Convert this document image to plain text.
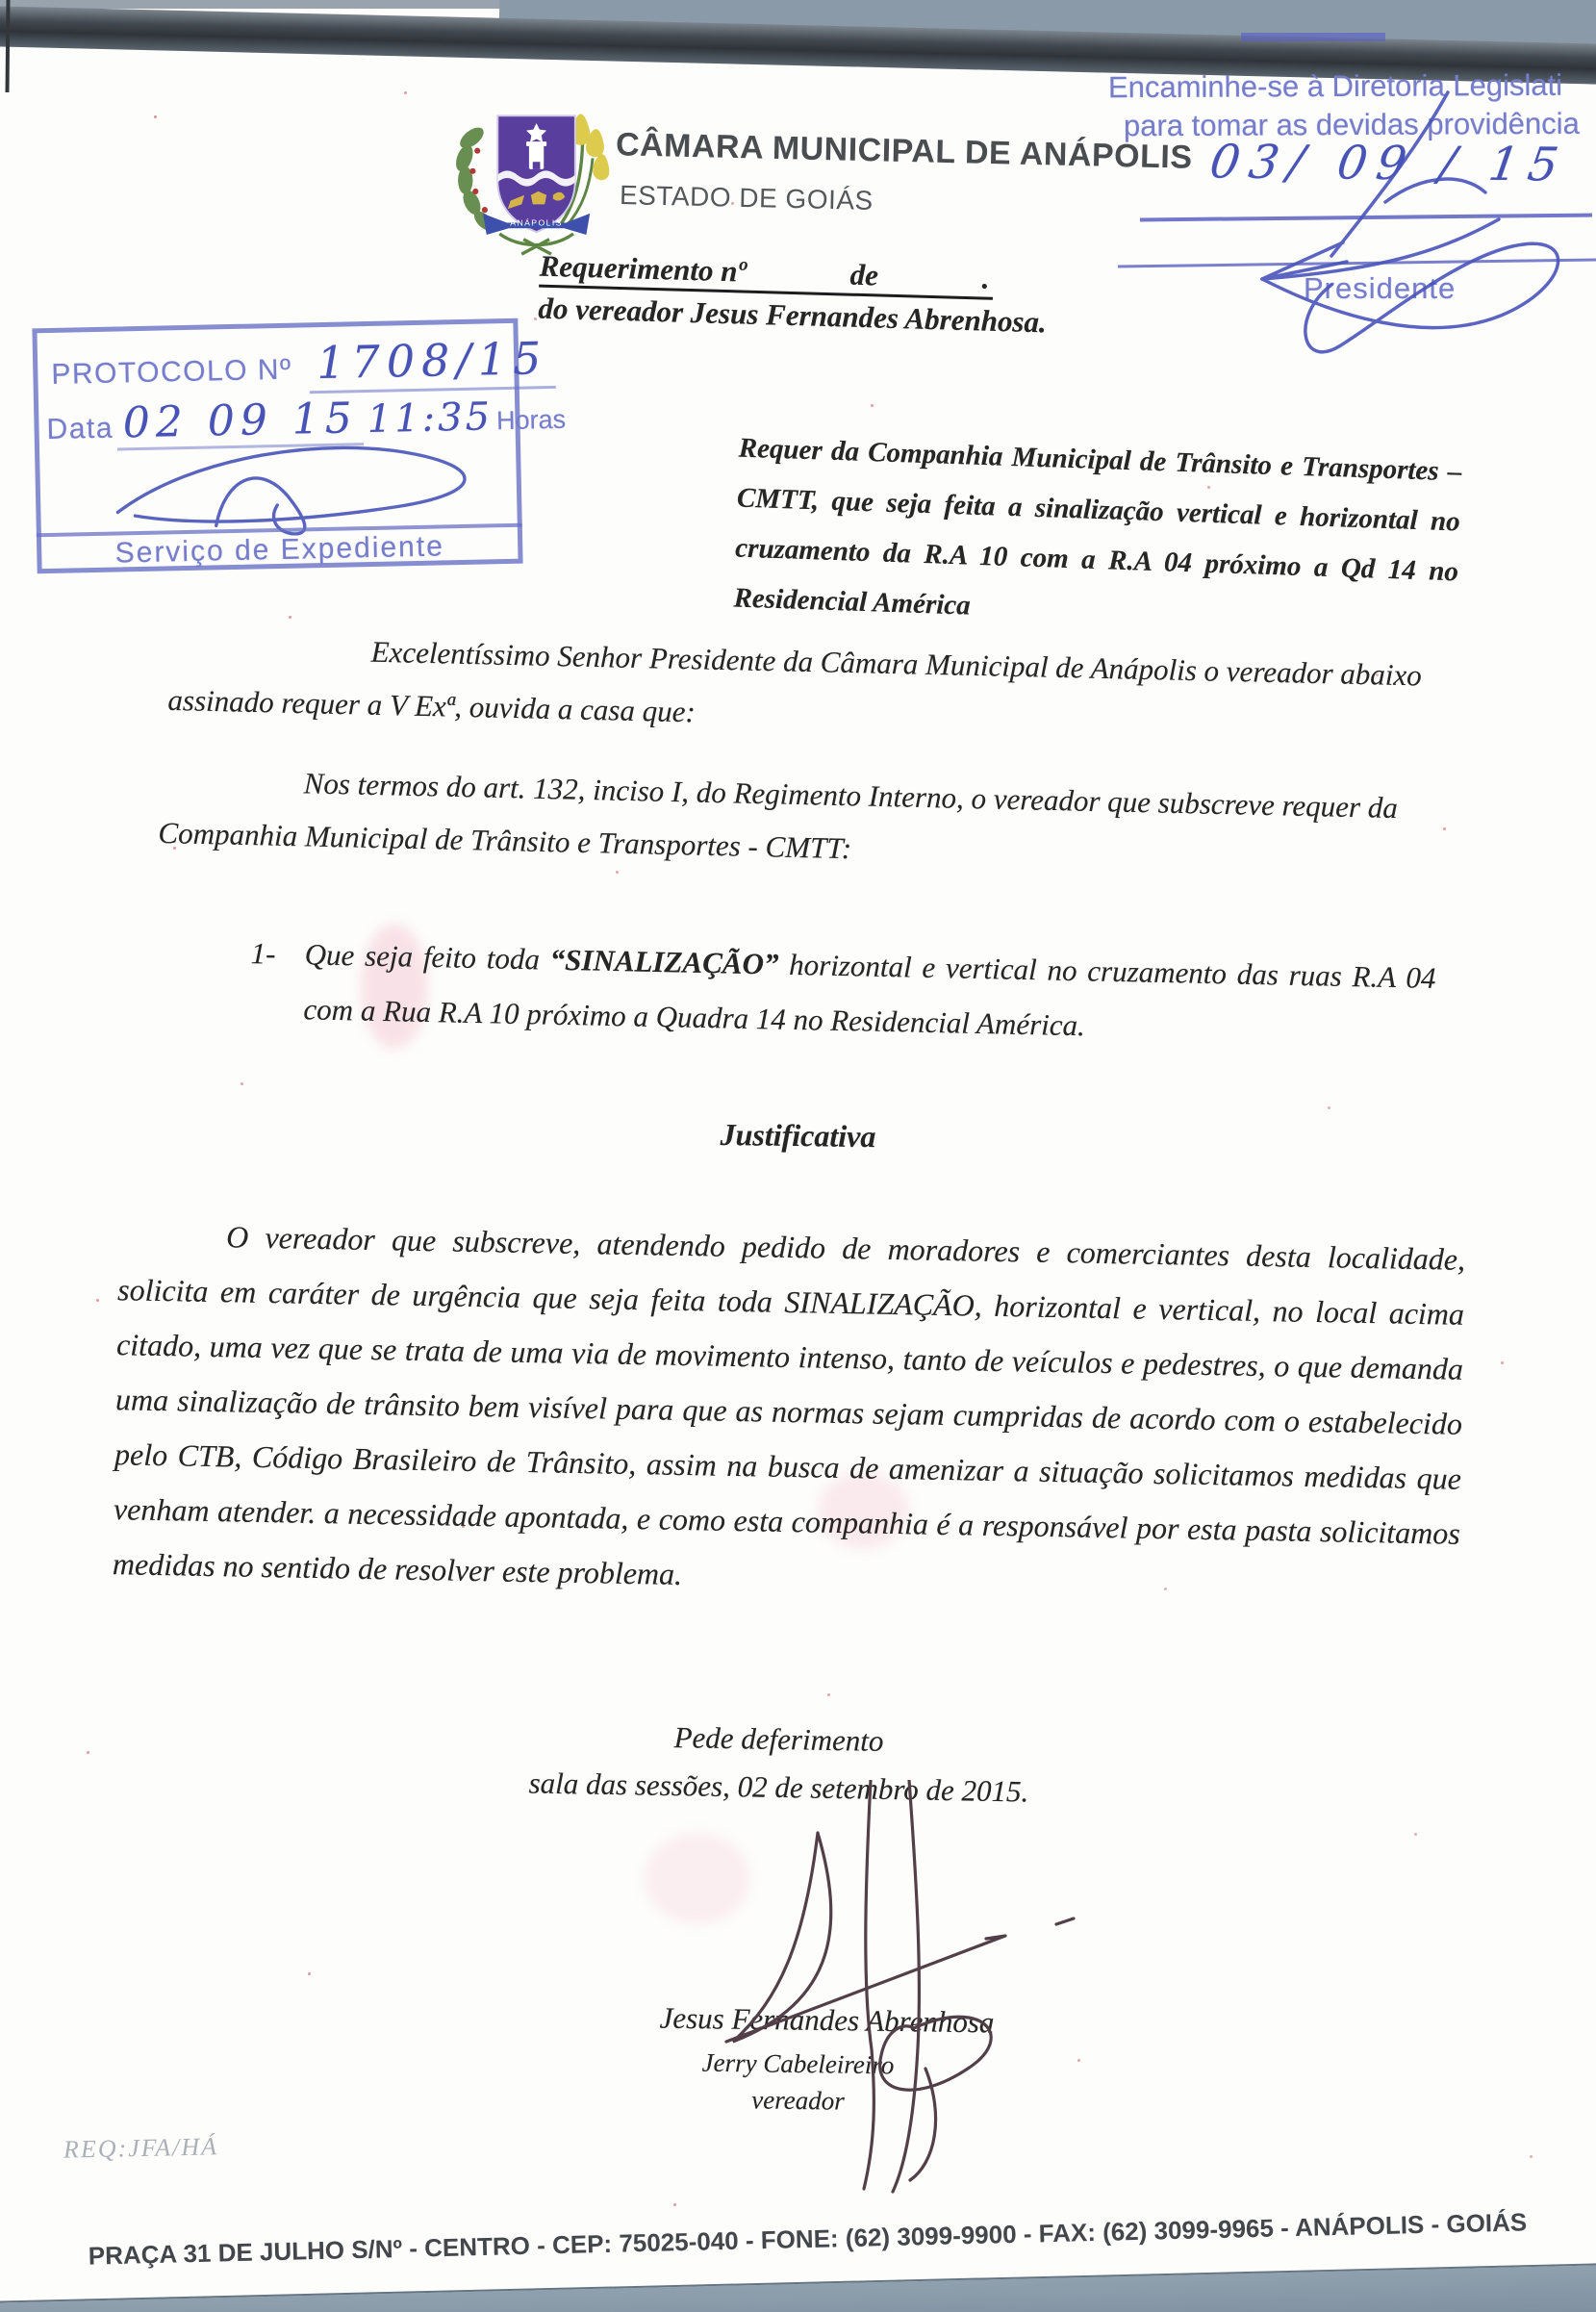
ANÁPOLIS
CÂMARA MUNICIPAL DE ANÁPOLIS
ESTADO DE GOIÁS
Encaminhe-se à Diretoria Legislati
para tomar as devidas providência
03/ 09 / 15
Presidente
Requerimento nº	de	.
do vereador Jesus Fernandes Abrenhosa.
PROTOCOLO Nº 1708/15
Data 02 09 15 11:35 Horas
Serviço de Expediente
Requer da Companhia Municipal de Trânsito e Transportes – CMTT, que seja feita a sinalização vertical e horizontal no cruzamento da R.A 10 com a R.A 04 próximo a Qd 14 no Residencial América
Excelentíssimo Senhor Presidente da Câmara Municipal de Anápolis o vereador abaixo assinado requer a V Exª, ouvida a casa que:
Nos termos do art. 132, inciso I, do Regimento Interno, o vereador que subscreve requer da Companhia Municipal de Trânsito e Transportes - CMTT:
1- Que seja feito toda “SINALIZAÇÃO” horizontal e vertical no cruzamento das ruas R.A 04 com a Rua R.A 10 próximo a Quadra 14 no Residencial América.
Justificativa
O vereador que subscreve, atendendo pedido de moradores e comerciantes desta localidade, solicita em caráter de urgência que seja feita toda SINALIZAÇÃO, horizontal e vertical, no local acima citado, uma vez que se trata de uma via de movimento intenso, tanto de veículos e pedestres, o que demanda uma sinalização de trânsito bem visível para que as normas sejam cumpridas de acordo com o estabelecido pelo CTB, Código Brasileiro de Trânsito, assim na busca de amenizar a situação solicitamos medidas que venham atender. a necessidade apontada, e como esta companhia é a responsável por esta pasta solicitamos medidas no sentido de resolver este problema.
Pede deferimento
sala das sessões, 02 de setembro de 2015.
Jesus Fernandes Abrenhosa
Jerry Cabeleireiro
vereador
REQ:JFA/HÁ
PRAÇA 31 DE JULHO S/Nº - CENTRO - CEP: 75025-040 - FONE: (62) 3099-9900 - FAX: (62) 3099-9965 - ANÁPOLIS - GOIÁS
